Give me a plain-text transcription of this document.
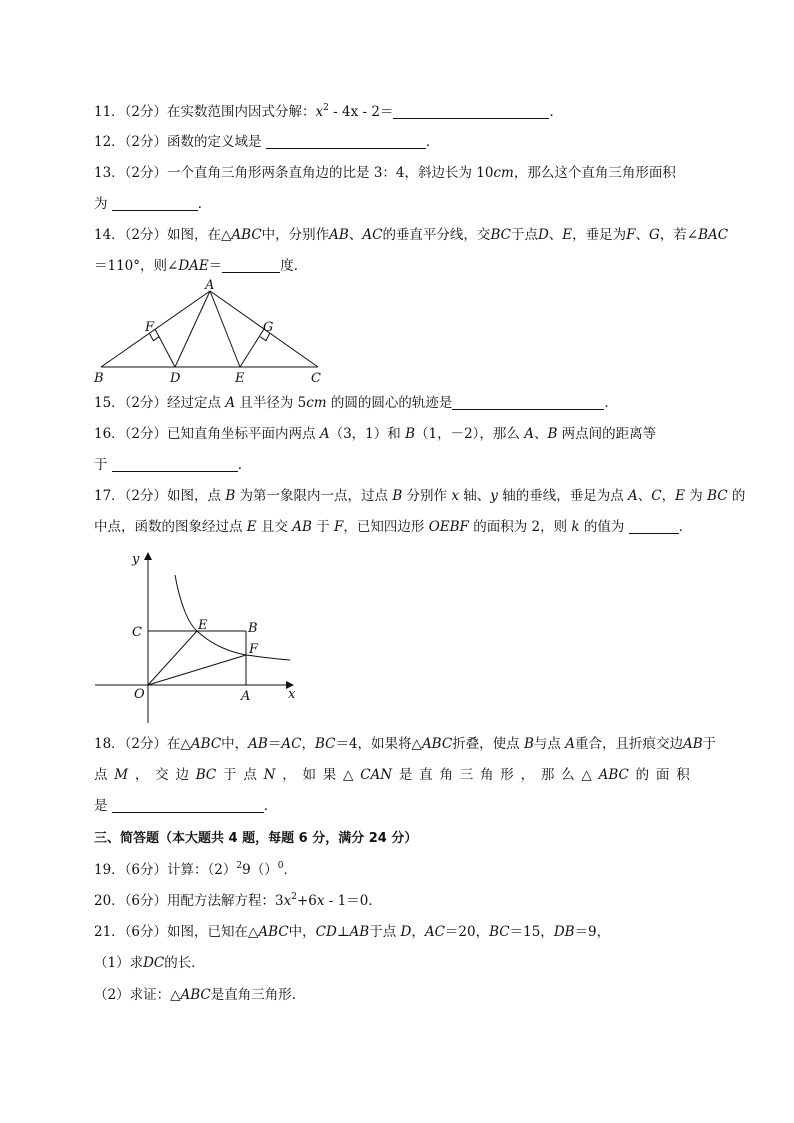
11．（2分）在实数范围内因式分解：$x^2 - 4x - 2=$	．
12．（2分）函数的定义域是	．
13．（2分）一个直角三角形两条直角边的比是 3：4，斜边长为 10cm，那么这个直角三角形面积
为	．
14．（2分）如图，在△ABC中，分别作AB、AC的垂直平分线，交BC于点D、E，垂足为F、G，若∠BAC
＝110°，则∠DAE＝	度．
A
B	C
D	E
F	G
15．（2分）经过定点 A 且半径为 5cm 的圆的圆心的轨迹是	．
16．（2分）已知直角坐标平面内两点 A（3，1）和 B（1，－2），那么 A、B 两点间的距离等
于	．
17．（2分）如图，点 B 为第一象限内一点，过点 B 分别作 x 轴、y 轴的垂线，垂足为点 A、C，E 为 BC 的
中点，函数的图象经过点 E 且交 AB 于 F，已知四边形 OEBF 的面积为 2，则 k 的值为	．
y
x
C	E	B
F
O	A
18．（2分）在△ABC中，AB＝AC，BC＝4，如果将△ABC折叠，使点 B与点 A重合，且折痕交边AB于
点 M ， 交 边 BC 于 点 N ， 如 果 △ CAN 是 直 角 三 角 形 ， 那 么 △ ABC 的 面 积
是	．
三、简答题（本大题共 4 题，每题 6 分，满分 24 分）
19．（6分）计算：$(2)^29()^0$．
20．（6分）用配方法解方程：$3x^2+6x - 1=0$．
21．（6分）如图，已知在△ABC中，CD⊥AB于点 D，AC＝20，BC＝15，DB＝9，
（1）求DC的长．
（2）求证：△ABC是直角三角形．
